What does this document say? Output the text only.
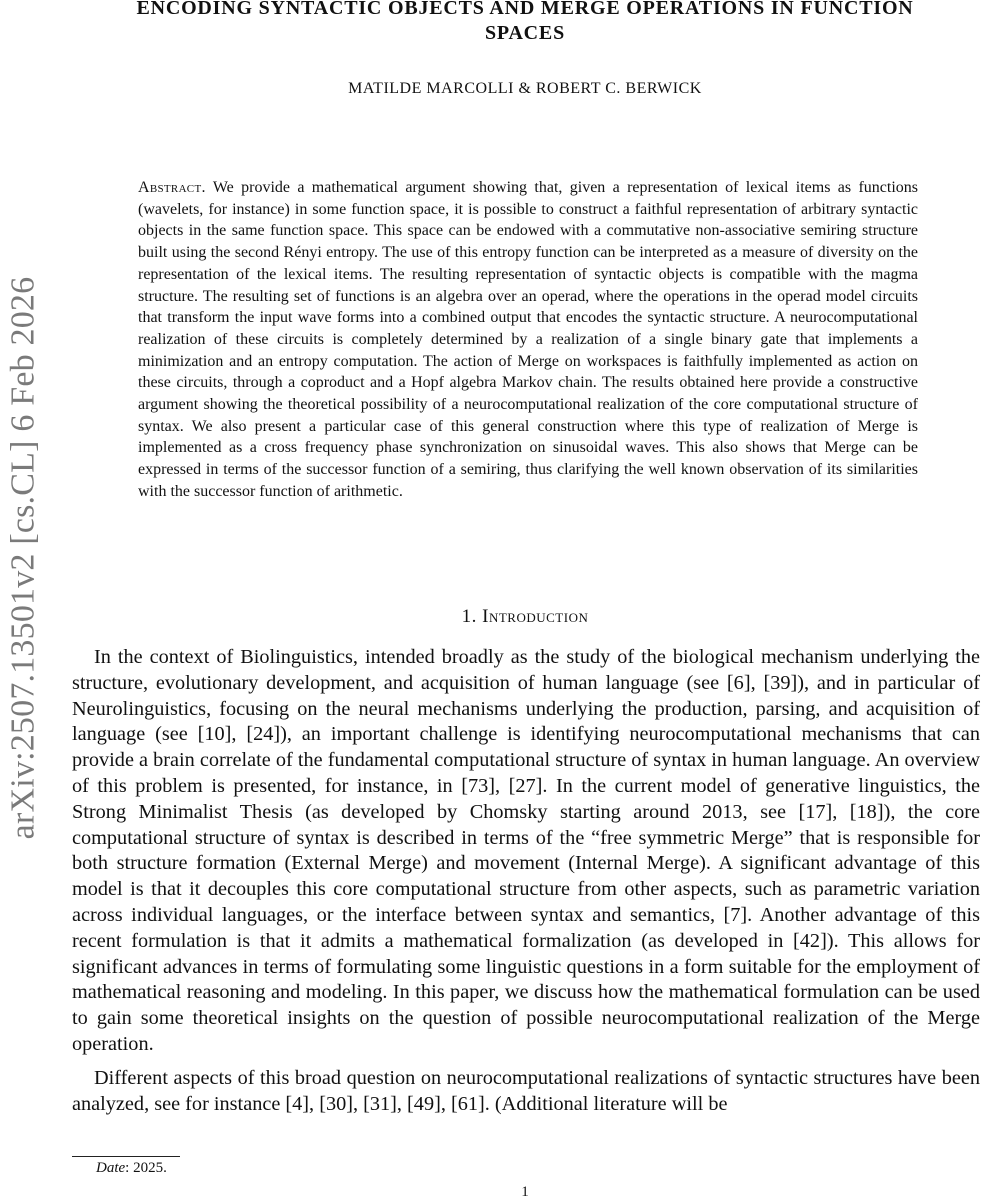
arXiv:2507.13501v2 [cs.CL] 6 Feb 2026
ENCODING SYNTACTIC OBJECTS AND MERGE OPERATIONS IN FUNCTION SPACES
MATILDE MARCOLLI & ROBERT C. BERWICK
Abstract. We provide a mathematical argument showing that, given a representation of lexical items as functions (wavelets, for instance) in some function space, it is possible to construct a faithful representation of arbitrary syntactic objects in the same function space. This space can be endowed with a commutative non-associative semiring structure built using the second Rényi entropy. The use of this entropy function can be interpreted as a measure of diversity on the representation of the lexical items. The resulting representation of syntactic objects is compatible with the magma structure. The resulting set of functions is an algebra over an operad, where the operations in the operad model circuits that transform the input wave forms into a combined output that encodes the syntactic structure. A neurocomputational realization of these circuits is completely determined by a realization of a single binary gate that implements a minimization and an entropy computation. The action of Merge on workspaces is faithfully implemented as action on these circuits, through a coproduct and a Hopf algebra Markov chain. The results obtained here provide a constructive argument showing the theoretical possibility of a neurocomputational realization of the core computational structure of syntax. We also present a particular case of this general construction where this type of realization of Merge is implemented as a cross frequency phase synchronization on sinusoidal waves. This also shows that Merge can be expressed in terms of the successor function of a semiring, thus clarifying the well known observation of its similarities with the successor function of arithmetic.
1. Introduction

In the context of Biolinguistics, intended broadly as the study of the biological mechanism underlying the structure, evolutionary development, and acquisition of human language (see [6], [39]), and in particular of Neurolinguistics, focusing on the neural mechanisms underlying the production, parsing, and acquisition of language (see [10], [24]), an important challenge is identifying neurocomputational mechanisms that can provide a brain correlate of the fundamental computational structure of syntax in human language. An overview of this problem is presented, for instance, in [73], [27]. In the current model of generative linguistics, the Strong Minimalist Thesis (as developed by Chomsky starting around 2013, see [17], [18]), the core computational structure of syntax is described in terms of the “free symmetric Merge” that is responsible for both structure formation (External Merge) and movement (Internal Merge). A significant advantage of this model is that it decouples this core computational structure from other aspects, such as parametric variation across individual languages, or the interface between syntax and semantics, [7]. Another advantage of this recent formulation is that it admits a mathematical formalization (as developed in [42]). This allows for significant advances in terms of formulating some linguistic questions in a form suitable for the employment of mathematical reasoning and modeling. In this paper, we discuss how the mathematical formulation can be used to gain some theoretical insights on the question of possible neurocomputational realization of the Merge operation.

Different aspects of this broad question on neurocomputational realizations of syntactic structures have been analyzed, see for instance [4], [30], [31], [49], [61]. (Additional literature will be

Date: 2025.
1
